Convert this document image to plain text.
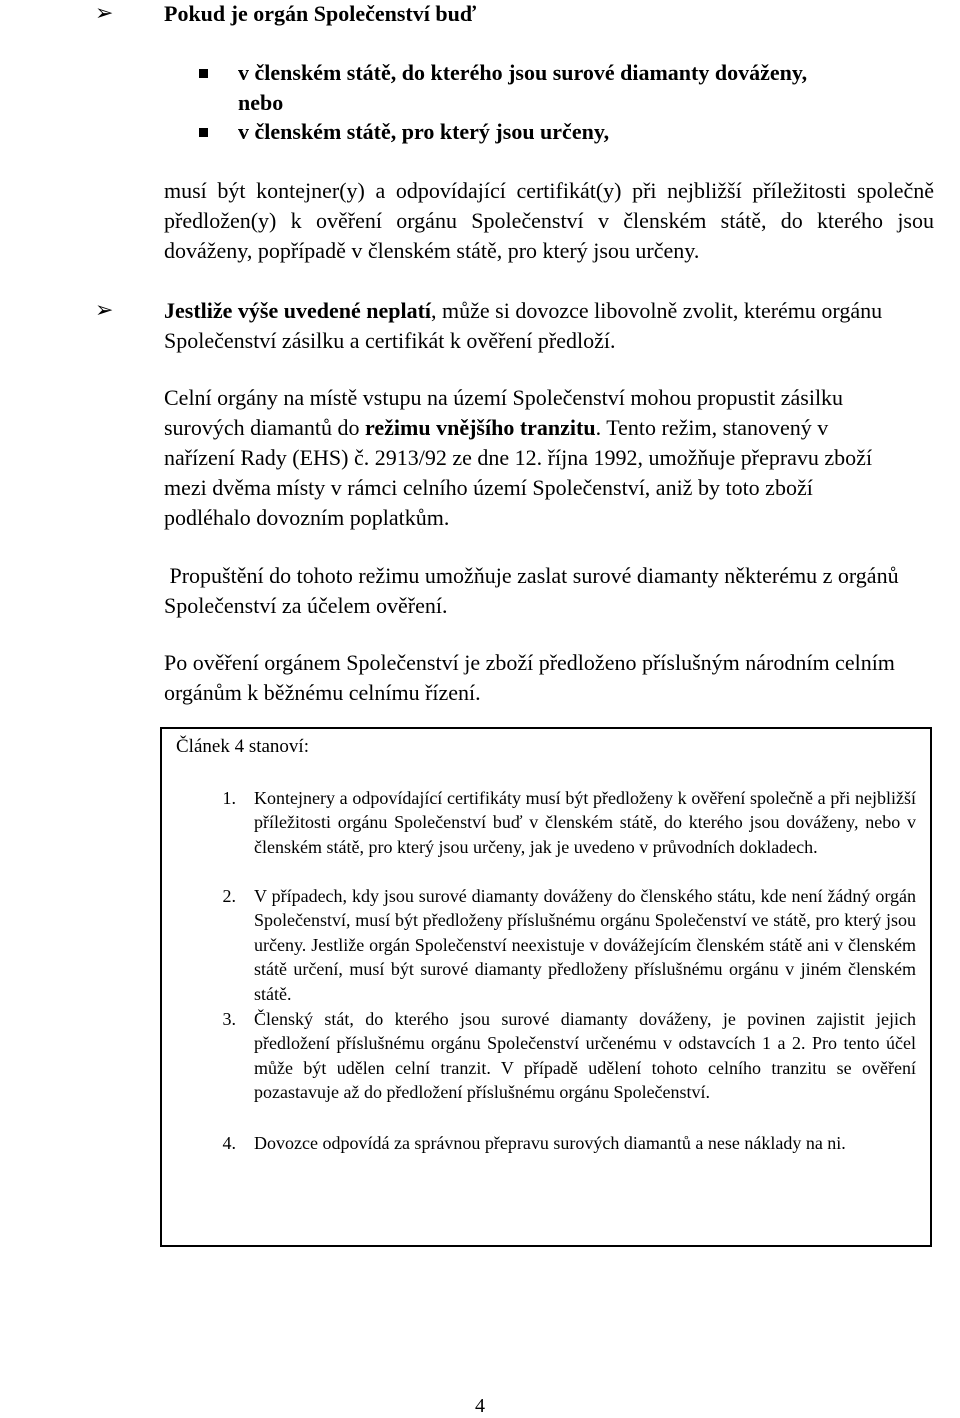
➢ Pokud je orgán Společenství buď
v členském státě, do kterého jsou surové diamanty dováženy, nebo
v členském státě, pro který jsou určeny,
musí být kontejner(y) a odpovídající certifikát(y) při nejbližší příležitosti společně předložen(y) k ověření orgánu Společenství v členském státě, do kterého jsou dováženy, popřípadě v členském státě, pro který jsou určeny.
➢ Jestliže výše uvedené neplatí, může si dovozce libovolně zvolit, kterému orgánu Společenství zásilku a certifikát k ověření předloží.
Celní orgány na místě vstupu na území Společenství mohou propustit zásilku surových diamantů do režimu vnějšího tranzitu. Tento režim, stanovený v nařízení Rady (EHS) č. 2913/92 ze dne 12. října 1992, umožňuje přepravu zboží mezi dvěma místy v rámci celního území Společenství, aniž by toto zboží podléhalo dovozním poplatkům.
Propuštění do tohoto režimu umožňuje zaslat surové diamanty některému z orgánů Společenství za účelem ověření.
Po ověření orgánem Společenství je zboží předloženo příslušným národním celním orgánům k běžnému celnímu řízení.
Článek 4 stanoví:
1. Kontejnery a odpovídající certifikáty musí být předloženy k ověření společně a při nejbližší příležitosti orgánu Společenství buď v členském státě, do kterého jsou dováženy, nebo v členském státě, pro který jsou určeny, jak je uvedeno v průvodních dokladech.
2. V případech, kdy jsou surové diamanty dováženy do členského státu, kde není žádný orgán Společenství, musí být předloženy příslušnému orgánu Společenství ve státě, pro který jsou určeny. Jestliže orgán Společenství neexistuje v dovážejícím členském státě ani v členském státě určení, musí být surové diamanty předloženy příslušnému orgánu v jiném členském státě.
3. Členský stát, do kterého jsou surové diamanty dováženy, je povinen zajistit jejich předložení příslušnému orgánu Společenství určenému v odstavcích 1 a 2. Pro tento účel může být udělen celní tranzit. V případě udělení tohoto celního tranzitu se ověření pozastavuje až do předložení příslušnému orgánu Společenství.
4. Dovozce odpovídá za správnou přepravu surových diamantů a nese náklady na ni.
4
